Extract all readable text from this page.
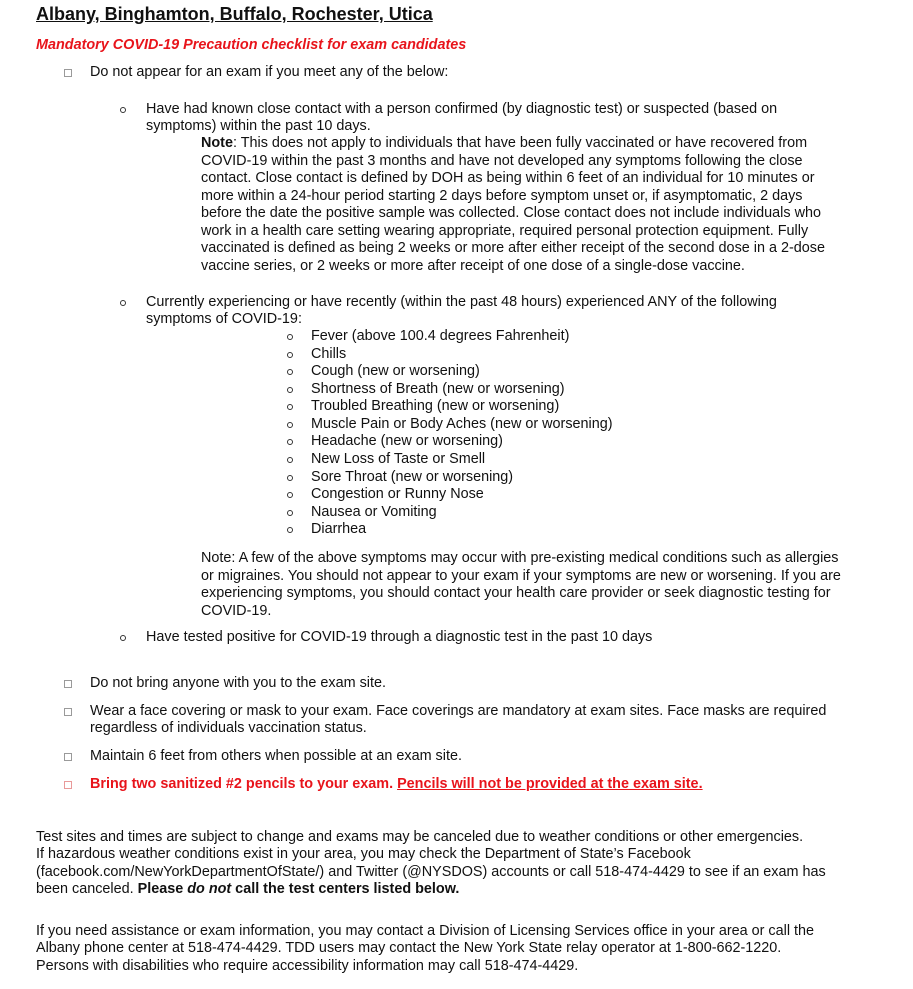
Albany, Binghamton, Buffalo, Rochester, Utica
Mandatory COVID-19 Precaution checklist for exam candidates
Do not appear for an exam if you meet any of the below:
Have had known close contact with a person confirmed (by diagnostic test) or suspected (based on
symptoms) within the past 10 days.
Note: This does not apply to individuals that have been fully vaccinated or have recovered from
COVID-19 within the past 3 months and have not developed any symptoms following the close
contact. Close contact is defined by DOH as being within 6 feet of an individual for 10 minutes or
more within a 24-hour period starting 2 days before symptom unset or, if asymptomatic, 2 days
before the date the positive sample was collected. Close contact does not include individuals who
work in a health care setting wearing appropriate, required personal protection equipment. Fully
vaccinated is defined as being 2 weeks or more after either receipt of the second dose in a 2-dose
vaccine series, or 2 weeks or more after receipt of one dose of a single-dose vaccine.
Currently experiencing or have recently (within the past 48 hours) experienced ANY of the following
symptoms of COVID-19:
Fever (above 100.4 degrees Fahrenheit)
Chills
Cough (new or worsening)
Shortness of Breath (new or worsening)
Troubled Breathing (new or worsening)
Muscle Pain or Body Aches (new or worsening)
Headache (new or worsening)
New Loss of Taste or Smell
Sore Throat (new or worsening)
Congestion or Runny Nose
Nausea or Vomiting
Diarrhea
Note: A few of the above symptoms may occur with pre-existing medical conditions such as allergies
or migraines. You should not appear to your exam if your symptoms are new or worsening. If you are
experiencing symptoms, you should contact your health care provider or seek diagnostic testing for
COVID-19.
Have tested positive for COVID-19 through a diagnostic test in the past 10 days
Do not bring anyone with you to the exam site.
Wear a face covering or mask to your exam. Face coverings are mandatory at exam sites. Face masks are required
regardless of individuals vaccination status.
Maintain 6 feet from others when possible at an exam site.
Bring two sanitized #2 pencils to your exam. Pencils will not be provided at the exam site.
Test sites and times are subject to change and exams may be canceled due to weather conditions or other emergencies.
If hazardous weather conditions exist in your area, you may check the Department of State’s Facebook
(facebook.com/NewYorkDepartmentOfState/) and Twitter (@NYSDOS) accounts or call 518-474-4429 to see if an exam has
been canceled. Please do not call the test centers listed below.
If you need assistance or exam information, you may contact a Division of Licensing Services office in your area or call the
Albany phone center at 518-474-4429. TDD users may contact the New York State relay operator at 1-800-662-1220.
Persons with disabilities who require accessibility information may call 518-474-4429.
